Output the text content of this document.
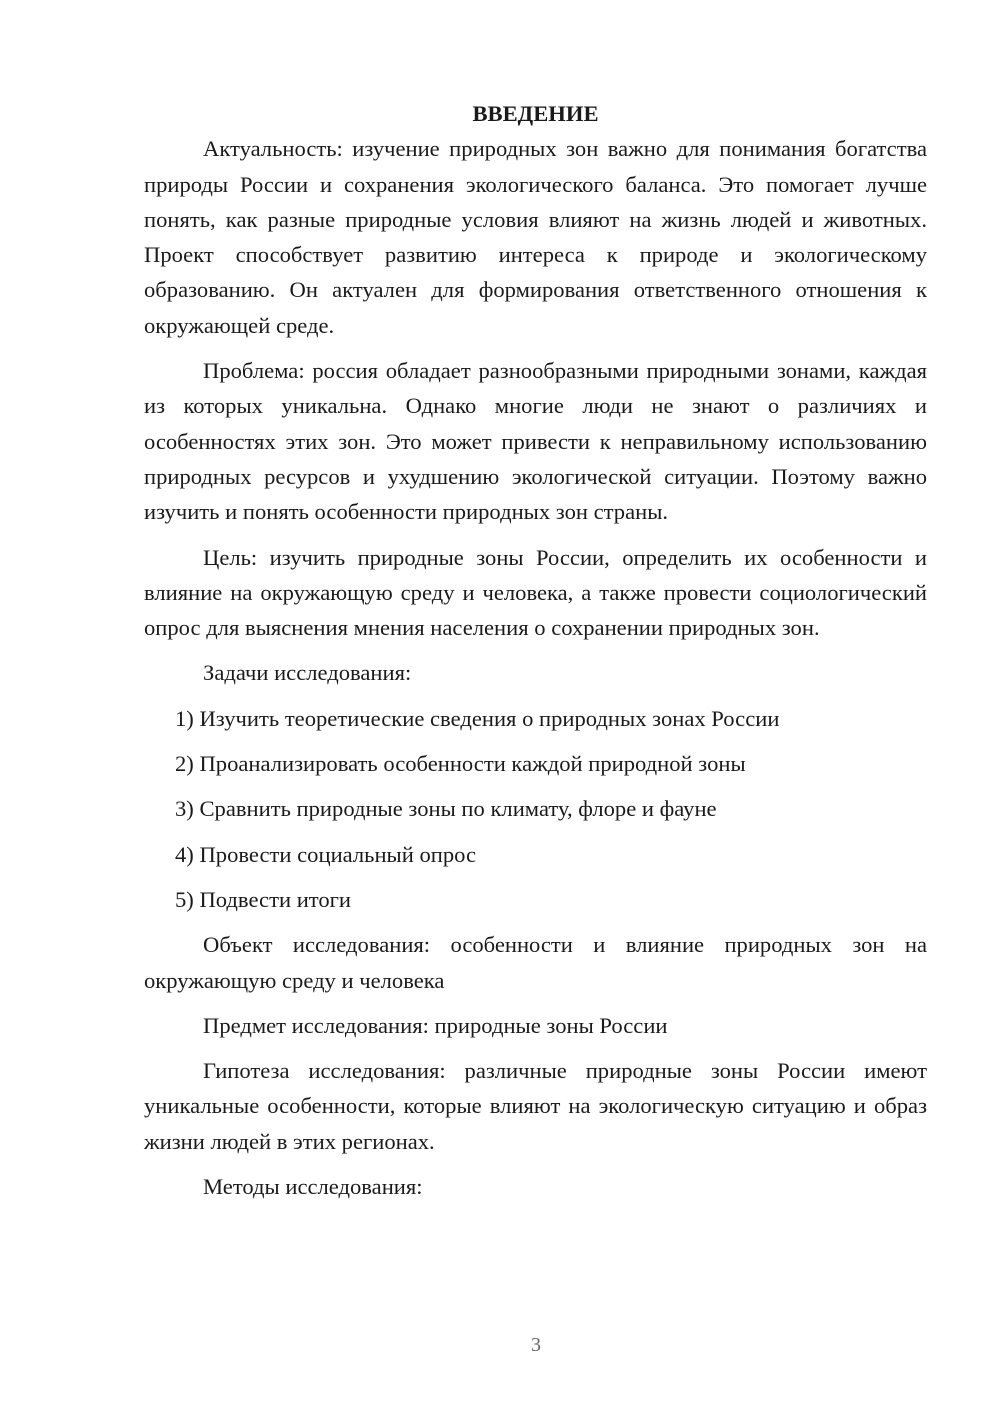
ВВЕДЕНИЕ

Актуальность: изучение природных зон важно для понимания богатства природы России и сохранения экологического баланса. Это помогает лучше понять, как разные природные условия влияют на жизнь людей и животных. Проект способствует развитию интереса к природе и экологическому образованию. Он актуален для формирования ответственного отношения к окружающей среде.

Проблема: россия обладает разнообразными природными зонами, каждая из которых уникальна. Однако многие люди не знают о различиях и особенностях этих зон. Это может привести к неправильному использованию природных ресурсов и ухудшению экологической ситуации. Поэтому важно изучить и понять особенности природных зон страны.

Цель: изучить природные зоны России, определить их особенности и влияние на окружающую среду и человека, а также провести социологический опрос для выяснения мнения населения о сохранении природных зон.

Задачи исследования:

1) Изучить теоретические сведения о природных зонах России

2) Проанализировать особенности каждой природной зоны

3) Сравнить природные зоны по климату, флоре и фауне

4) Провести социальный опрос

5) Подвести итоги

Объект исследования: особенности и влияние природных зон на окружающую среду и человека

Предмет исследования: природные зоны России

Гипотеза исследования: различные природные зоны России имеют уникальные особенности, которые влияют на экологическую ситуацию и образ жизни людей в этих регионах.

Методы исследования:

3
